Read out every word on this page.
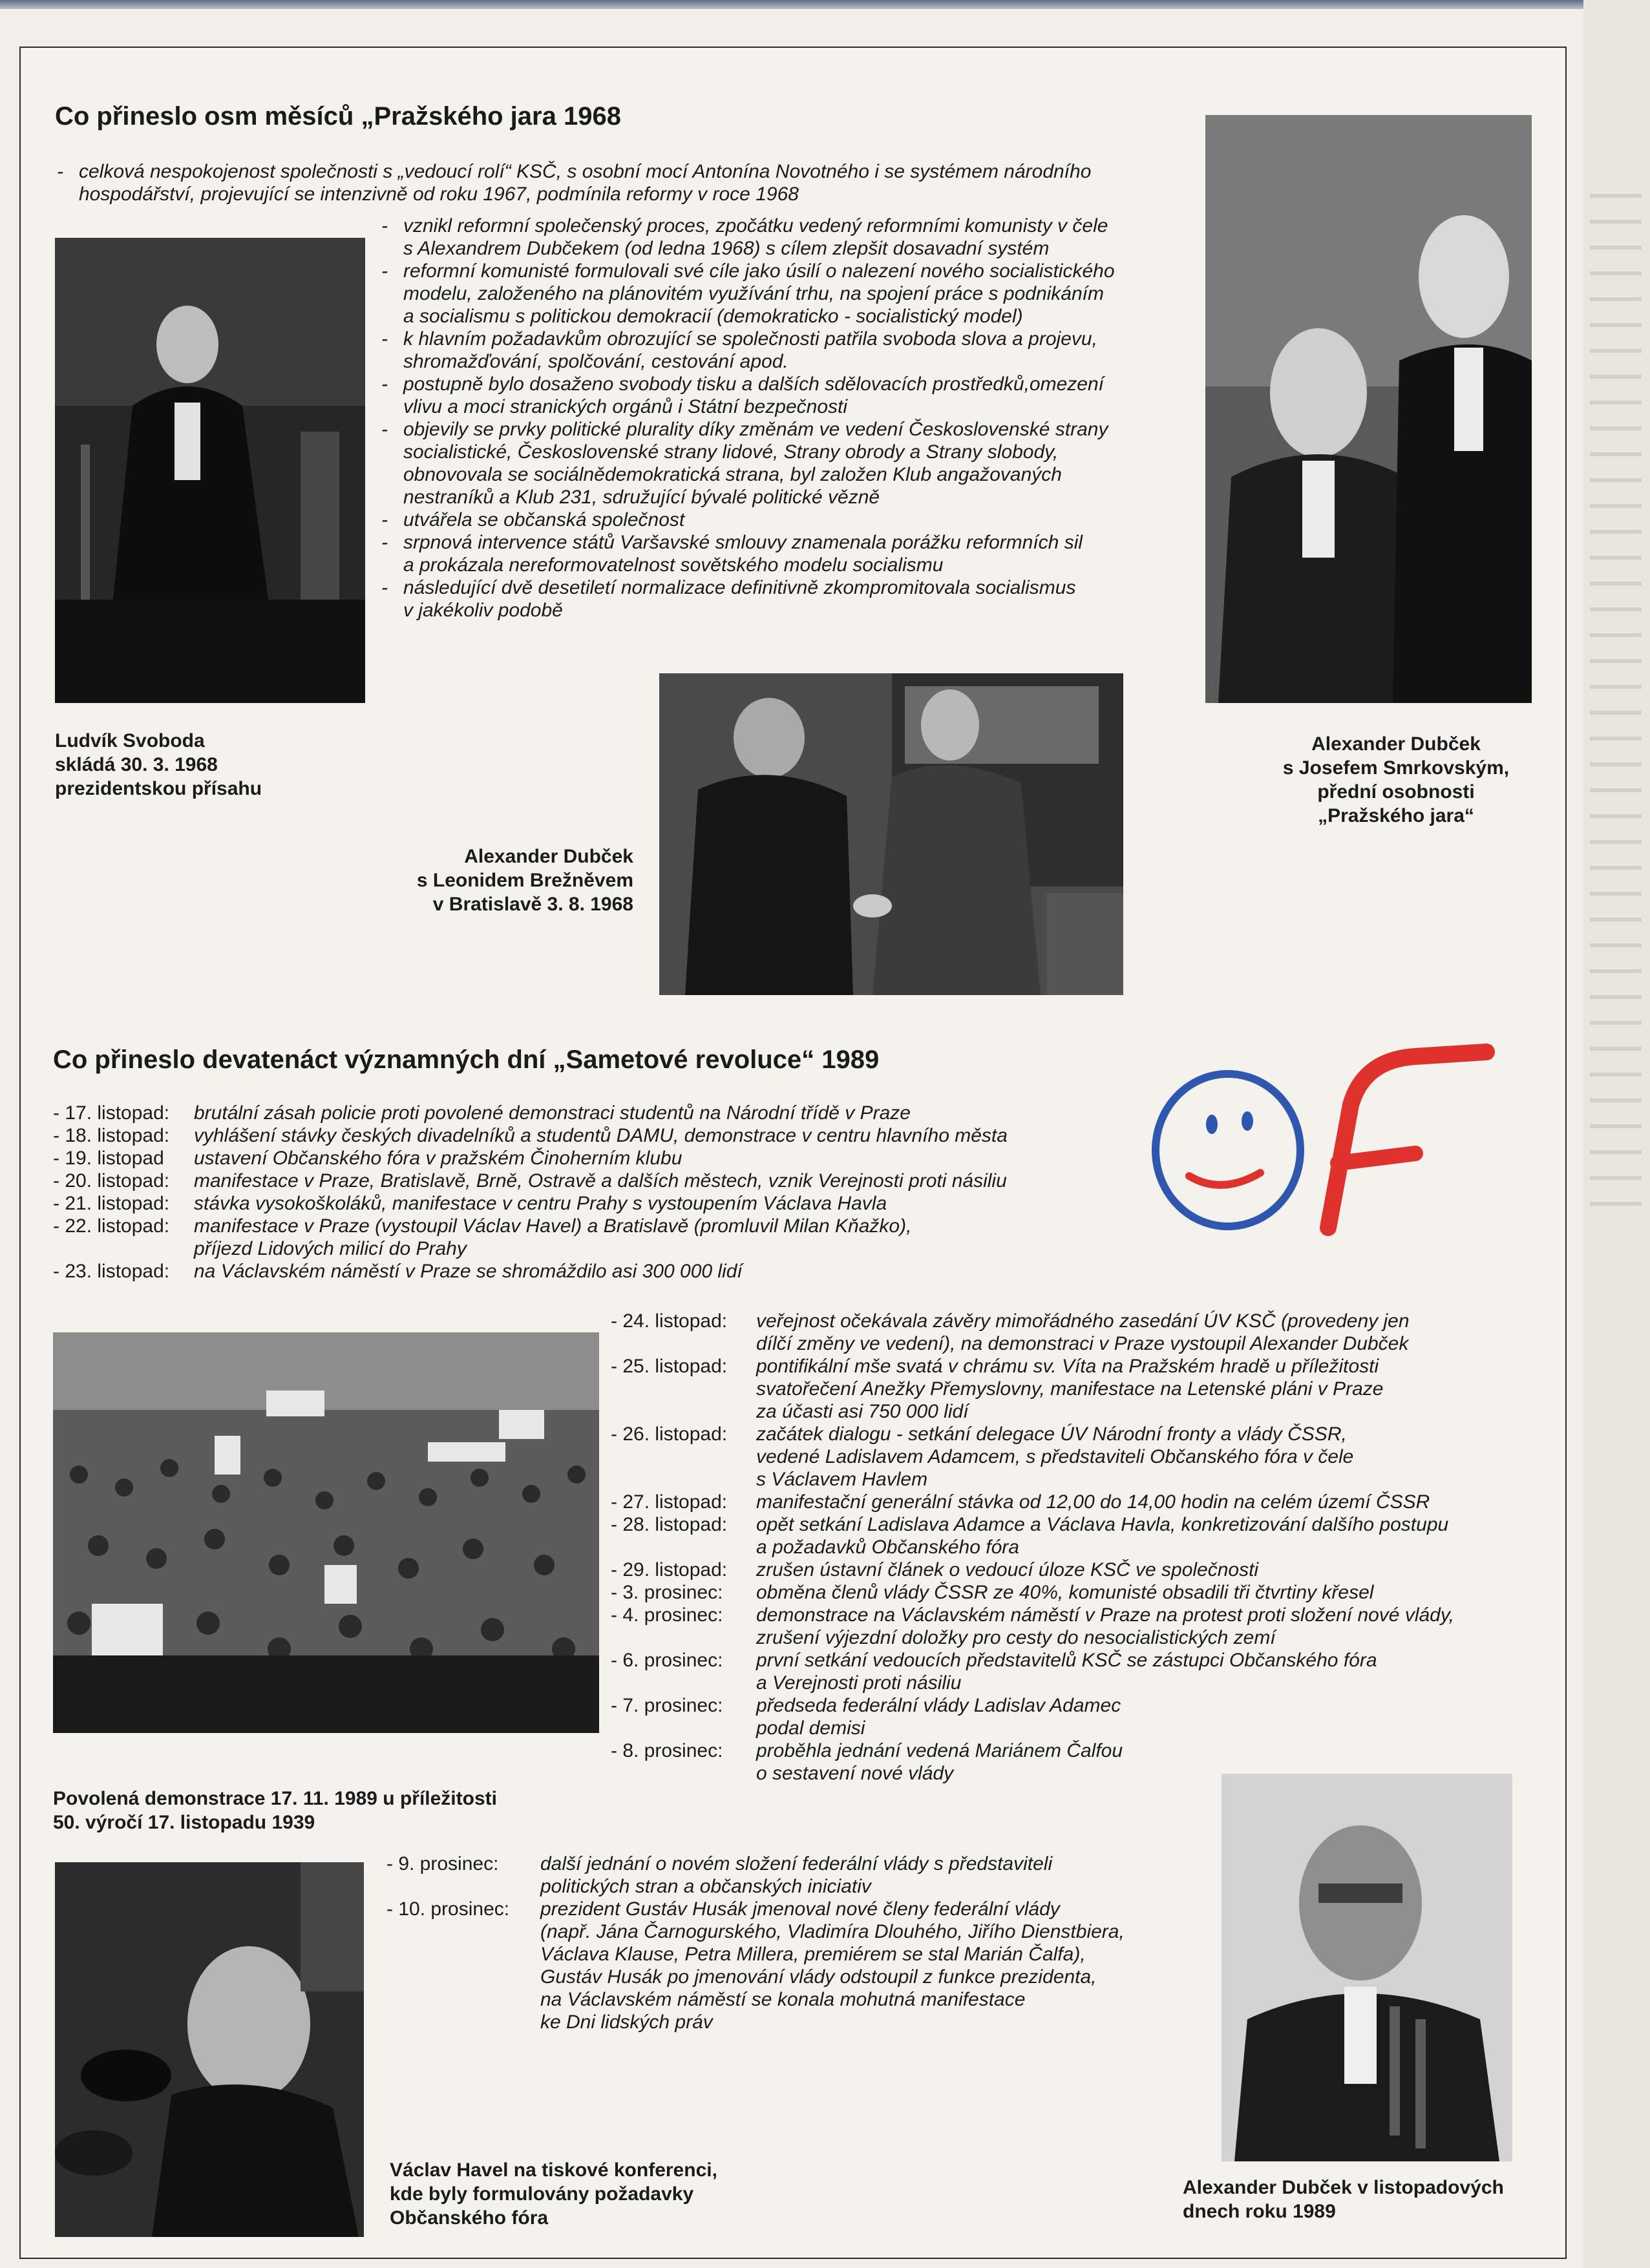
Co přineslo osm měsíců „Pražského jara 1968
- celková nespokojenost společnosti s „vedoucí rolí“ KSČ, s osobní mocí Antonína Novotného i se systémem národního
hospodářství, projevující se intenzivně od roku 1967, podmínila reformy v roce 1968
- vznikl reformní společenský proces, zpočátku vedený reformními komunisty v čele
s Alexandrem Dubčekem (od ledna 1968) s cílem zlepšit dosavadní systém
- reformní komunisté formulovali své cíle jako úsilí o nalezení nového socialistického
modelu, založeného na plánovitém využívání trhu, na spojení práce s podnikáním
a socialismu s politickou demokracií (demokraticko - socialistický model)
- k hlavním požadavkům obrozující se společnosti patřila svoboda slova a projevu,
shromažďování, spolčování, cestování apod.
- postupně bylo dosaženo svobody tisku a dalších sdělovacích prostředků,omezení
vlivu a moci stranických orgánů i Státní bezpečnosti
- objevily se prvky politické plurality díky změnám ve vedení Československé strany
socialistické, Československé strany lidové, Strany obrody a Strany slobody,
obnovovala se sociálnědemokratická strana, byl založen Klub angažovaných
nestraníků a Klub 231, sdružující bývalé politické vězně
- utvářela se občanská společnost
- srpnová intervence států Varšavské smlouvy znamenala porážku reformních sil
a prokázala nereformovatelnost sovětského modelu socialismu
- následující dvě desetiletí normalizace definitivně zkompromitovala socialismus
v jakékoliv podobě
Ludvík Svoboda
skládá 30. 3. 1968
prezidentskou přísahu
Alexander Dubček
s Leonidem Brežněvem
v Bratislavě 3. 8. 1968
Alexander Dubček
s Josefem Smrkovským,
přední osobnosti
„Pražského jara“
Co přineslo devatenáct významných dní „Sametové revoluce“ 1989
- 17. listopad: brutální zásah policie proti povolené demonstraci studentů na Národní třídě v Praze
- 18. listopad: vyhlášení stávky českých divadelníků a studentů DAMU, demonstrace v centru hlavního města
- 19. listopad ustavení Občanského fóra v pražském Činoherním klubu
- 20. listopad: manifestace v Praze, Bratislavě, Brně, Ostravě a dalších městech, vznik Verejnosti proti násiliu
- 21. listopad: stávka vysokoškoláků, manifestace v centru Prahy s vystoupením Václava Havla
- 22. listopad: manifestace v Praze (vystoupil Václav Havel) a Bratislavě (promluvil Milan Kňažko),
příjezd Lidových milicí do Prahy
- 23. listopad: na Václavském náměstí v Praze se shromáždilo asi 300 000 lidí
Povolená demonstrace 17. 11. 1989 u příležitosti
50. výročí 17. listopadu 1939
- 24. listopad: veřejnost očekávala závěry mimořádného zasedání ÚV KSČ (provedeny jen
dílčí změny ve vedení), na demonstraci v Praze vystoupil Alexander Dubček
- 25. listopad: pontifikální mše svatá v chrámu sv. Víta na Pražském hradě u příležitosti
svatořečení Anežky Přemyslovny, manifestace na Letenské pláni v Praze
za účasti asi 750 000 lidí
- 26. listopad: začátek dialogu - setkání delegace ÚV Národní fronty a vlády ČSSR,
vedené Ladislavem Adamcem, s představiteli Občanského fóra v čele
s Václavem Havlem
- 27. listopad: manifestační generální stávka od 12,00 do 14,00 hodin na celém území ČSSR
- 28. listopad: opět setkání Ladislava Adamce a Václava Havla, konkretizování dalšího postupu
a požadavků Občanského fóra
- 29. listopad: zrušen ústavní článek o vedoucí úloze KSČ ve společnosti
- 3. prosinec: obměna členů vlády ČSSR ze 40%, komunisté obsadili tři čtvrtiny křesel
- 4. prosinec: demonstrace na Václavském náměstí v Praze na protest proti složení nové vlády,
zrušení výjezdní doložky pro cesty do nesocialistických zemí
- 6. prosinec: první setkání vedoucích představitelů KSČ se zástupci Občanského fóra
a Verejnosti proti násiliu
- 7. prosinec: předseda federální vlády Ladislav Adamec
podal demisi
- 8. prosinec: proběhla jednání vedená Mariánem Čalfou
o sestavení nové vlády
- 9. prosinec: další jednání o novém složení federální vlády s představiteli
politických stran a občanských iniciativ
- 10. prosinec: prezident Gustáv Husák jmenoval nové členy federální vlády
(např. Jána Čarnogurského, Vladimíra Dlouhého, Jiřího Dienstbiera,
Václava Klause, Petra Millera, premiérem se stal Marián Čalfa),
Gustáv Husák po jmenování vlády odstoupil z funkce prezidenta,
na Václavském náměstí se konala mohutná manifestace
ke Dni lidských práv
Václav Havel na tiskové konferenci,
kde byly formulovány požadavky
Občanského fóra
Alexander Dubček v listopadových
dnech roku 1989
